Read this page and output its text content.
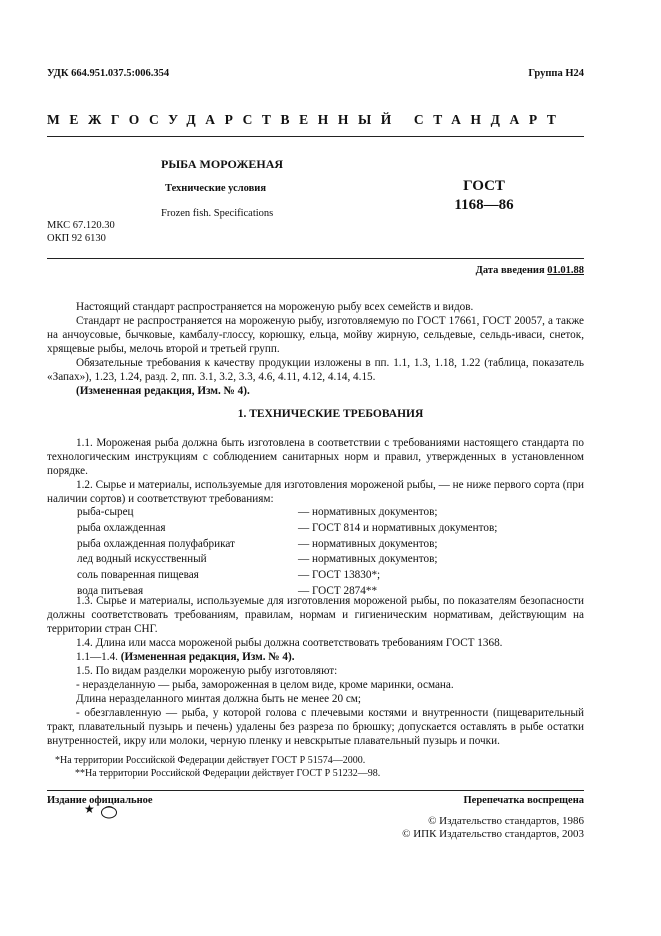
УДК 664.951.037.5:006.354	Группа Н24
МЕЖГОСУДАРСТВЕННЫЙ СТАНДАРТ
РЫБА МОРОЖЕНАЯ
Технические условия
Frozen fish. Specifications
МКС 67.120.30
ОКП 92 6130
ГОСТ
1168—86
Дата введения 01.01.88

Настоящий стандарт распространяется на мороженую рыбу всех семейств и видов.

Стандарт не распространяется на мороженую рыбу, изготовляемую по ГОСТ 17661, ГОСТ 20057, а также на анчоусовые, бычковые, камбалу-глоссу, корюшку, ельца, мойву жирную, сельдевые, сельдь-иваси, снеток, хрящевые рыбы, мелочь второй и третьей групп.

Обязательные требования к качеству продукции изложены в пп. 1.1, 1.3, 1.18, 1.22 (таблица, показатель «Запах»), 1.23, 1.24, разд. 2, пп. 3.1, 3.2, 3.3, 4.6, 4.11, 4.12, 4.14, 4.15.

(Измененная редакция, Изм. № 4).

1. ТЕХНИЧЕСКИЕ ТРЕБОВАНИЯ

1.1. Мороженая рыба должна быть изготовлена в соответствии с требованиями настоящего стандарта по технологическим инструкциям с соблюдением санитарных норм и правил, утвержденных в установленном порядке.

1.2. Сырье и материалы, используемые для изготовления мороженой рыбы, — не ниже первого сорта (при наличии сортов) и соответствуют требованиям:

рыба-сырец	— нормативных документов;
рыба охлажденная	— ГОСТ 814 и нормативных документов;
рыба охлажденная полуфабрикат	— нормативных документов;
лед водный искусственный	— нормативных документов;
соль поваренная пищевая	— ГОСТ 13830*;
вода питьевая	— ГОСТ 2874**

1.3. Сырье и материалы, используемые для изготовления мороженой рыбы, по показателям безопасности должны соответствовать требованиям, правилам, нормам и гигиеническим нормативам, действующим на территории стран СНГ.

1.4. Длина или масса мороженой рыбы должна соответствовать требованиям ГОСТ 1368.

1.1—1.4. (Измененная редакция, Изм. № 4).

1.5. По видам разделки мороженую рыбу изготовляют:

- неразделанную — рыба, замороженная в целом виде, кроме маринки, османа.

Длина неразделанного минтая должна быть не менее 20 см;

- обезглавленную — рыба, у которой голова с плечевыми костями и внутренности (пищеварительный тракт, плавательный пузырь и печень) удалены без разреза по брюшку; допускается оставлять в рыбе остатки внутренностей, икру или молоки, черную пленку и невскрытые плавательный пузырь и почки.

*На территории Российской Федерации действует ГОСТ Р 51574—2000.
**На территории Российской Федерации действует ГОСТ Р 51232—98.
Издание официальное	Перепечатка воспрещена
★
© Издательство стандартов, 1986
© ИПК Издательство стандартов, 2003
